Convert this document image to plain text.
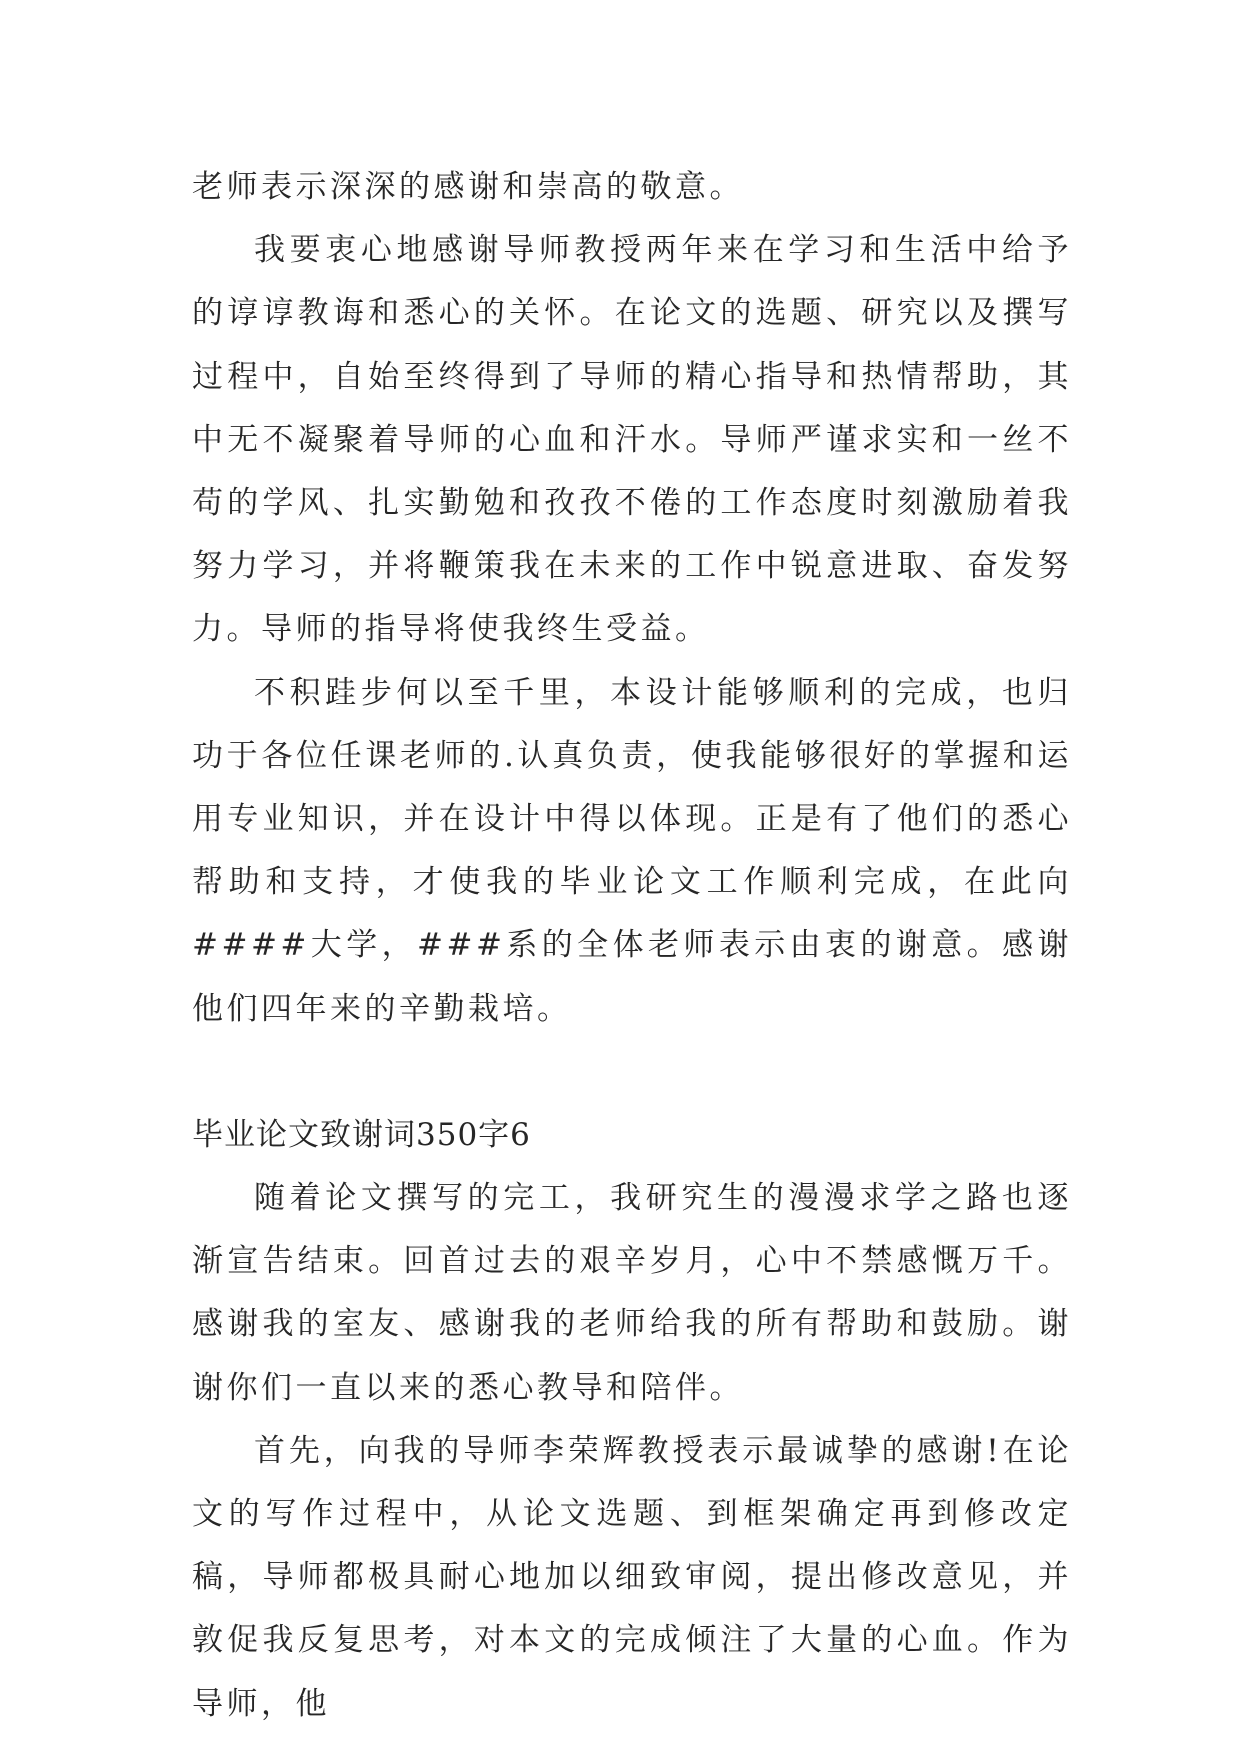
老师表示深深的感谢和崇高的敬意。

我要衷心地感谢导师教授两年来在学习和生活中给予的谆谆教诲和悉心的关怀。在论文的选题、研究以及撰写过程中，自始至终得到了导师的精心指导和热情帮助，其中无不凝聚着导师的心血和汗水。导师严谨求实和一丝不苟的学风、扎实勤勉和孜孜不倦的工作态度时刻激励着我努力学习，并将鞭策我在未来的工作中锐意进取、奋发努力。导师的指导将使我终生受益。

不积跬步何以至千里，本设计能够顺利的完成，也归功于各位任课老师的.认真负责，使我能够很好的掌握和运用专业知识，并在设计中得以体现。正是有了他们的悉心帮助和支持，才使我的毕业论文工作顺利完成，在此向####大学，###系的全体老师表示由衷的谢意。感谢他们四年来的辛勤栽培。

毕业论文致谢词350字6

随着论文撰写的完工，我研究生的漫漫求学之路也逐渐宣告结束。回首过去的艰辛岁月，心中不禁感慨万千。感谢我的室友、感谢我的老师给我的所有帮助和鼓励。谢谢你们一直以来的悉心教导和陪伴。

首先，向我的导师李荣辉教授表示最诚挚的感谢!在论文的写作过程中，从论文选题、到框架确定再到修改定稿，导师都极具耐心地加以细致审阅，提出修改意见，并敦促我反复思考，对本文的完成倾注了大量的心血。作为导师，他
